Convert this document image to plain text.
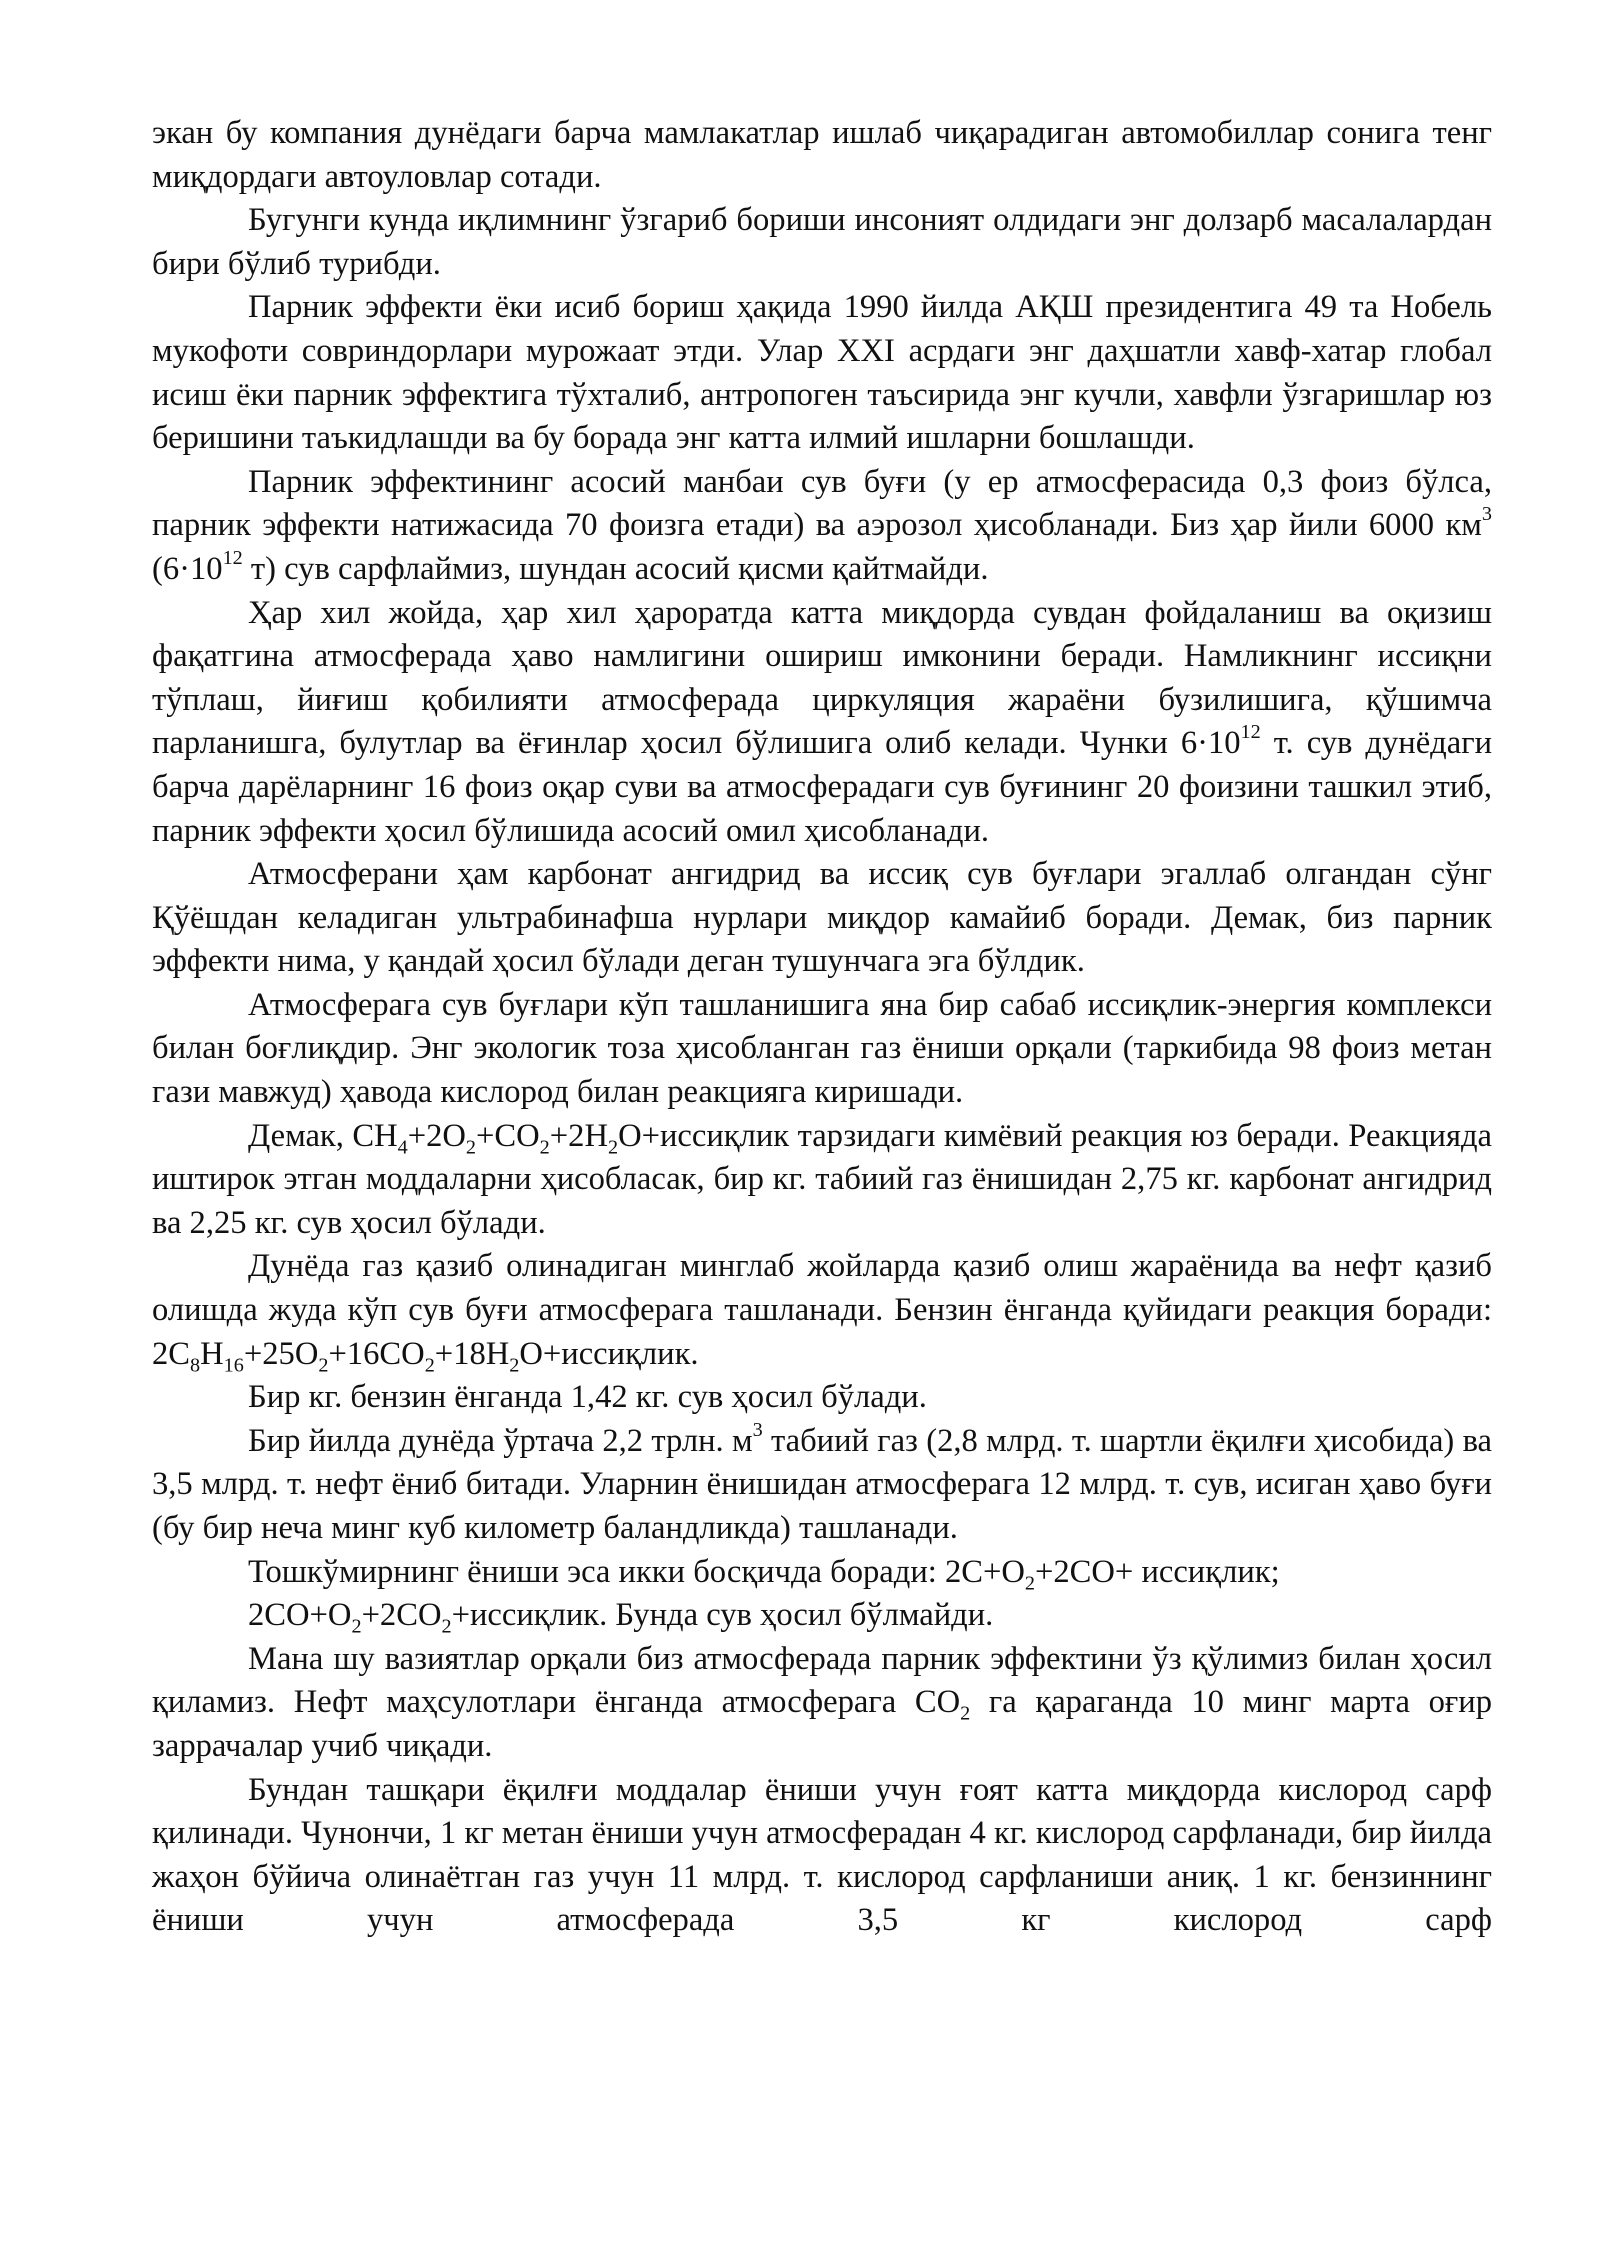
экан бу компания дунёдаги барча мамлакатлар ишлаб чиқарадиган автомобиллар сонига тенг миқдордаги автоуловлар сотади.

Бугунги кунда иқлимнинг ўзгариб бориши инсоният олдидаги энг долзарб масалалардан бири бўлиб турибди.

Парник эффекти ёки исиб бориш ҳақида 1990 йилда АҚШ президентига 49 та Нобель мукофоти совриндорлари мурожаат этди. Улар XXI асрдаги энг даҳшатли хавф-хатар глобал исиш ёки парник эффектига тўхталиб, антропоген таъсирида энг кучли, хавфли ўзгаришлар юз беришини таъкидлашди ва бу борада энг катта илмий ишларни бошлашди.

Парник эффектининг асосий манбаи сув буғи (у ер атмосферасида 0,3 фоиз бўлса, парник эффекти натижасида 70 фоизга етади) ва аэрозол ҳисобланади. Биз ҳар йили 6000 $км^3$ ($6\cdot 10^{12}$ т) сув сарфлаймиз, шундан асосий қисми қайтмайди.

Ҳар хил жойда, ҳар хил ҳароратда катта миқдорда сувдан фойдаланиш ва оқизиш фақатгина атмосферада ҳаво намлигини ошириш имконини беради. Намликнинг иссиқни тўплаш, йиғиш қобилияти атмосферада циркуляция жараёни бузилишига, қўшимча парланишга, булутлар ва ёғинлар ҳосил бўлишига олиб келади. Чунки $6\cdot 10^{12}$ т. сув дунёдаги барча дарёларнинг 16 фоиз оқар суви ва атмосферадаги сув буғининг 20 фоизини ташкил этиб, парник эффекти ҳосил бўлишида асосий омил ҳисобланади.

Атмосферани ҳам карбонат ангидрид ва иссиқ сув буғлари эгаллаб олгандан сўнг Қўёшдан келадиган ультрабинафша нурлари миқдор камайиб боради. Демак, биз парник эффекти нима, у қандай ҳосил бўлади деган тушунчага эга бўлдик.

Атмосферага сув буғлари кўп ташланишига яна бир сабаб иссиқлик-энергия комплекси билан боғлиқдир. Энг экологик тоза ҳисобланган газ ёниши орқали (таркибида 98 фоиз метан гази мавжуд) ҳавода кислород билан реакцияга киришади.

Демак, $СН_4+2O_2+CO_2+2H_2O+иссиқлик$ тарзидаги кимёвий реакция юз беради. Реакцияда иштирок этган моддаларни ҳисобласак, бир кг. табиий газ ёнишидан 2,75 кг. карбонат ангидрид ва 2,25 кг. сув ҳосил бўлади.

Дунёда газ қазиб олинадиган минглаб жойларда қазиб олиш жараёнида ва нефт қазиб олишда жуда кўп сув буғи атмосферага ташланади. Бензин ёнганда қуйидаги реакция боради: $2C_8H_{16}+25O_2+16CO_2+18H_2O+иссиқлик$.

Бир кг. бензин ёнганда 1,42 кг. сув ҳосил бўлади.

Бир йилда дунёда ўртача 2,2 трлн. $м^3$ табиий газ (2,8 млрд. т. шартли ёқилғи ҳисобида) ва 3,5 млрд. т. нефт ёниб битади. Уларнин ёнишидан атмосферага 12 млрд. т. сув, исиган ҳаво буғи (бу бир неча минг куб километр баландликда) ташланади.

Тошкўмирнинг ёниши эса икки босқичда боради: $2C+O_2+2CO+$ иссиқлик;

$2CO+O_2+2CO_2+иссиқлик$. Бунда сув ҳосил бўлмайди.

Мана шу вазиятлар орқали биз атмосферада парник эффектини ўз қўлимиз билан ҳосил қиламиз. Нефт маҳсулотлари ёнганда атмосферага $CO_2$ га қараганда 10 минг марта оғир заррачалар учиб чиқади.

Бундан ташқари ёқилғи моддалар ёниши учун ғоят катта миқдорда кислород сарф қилинади. Чунончи, 1 кг метан ёниши учун атмосферадан 4 кг. кислород сарфланади, бир йилда жаҳон бўйича олинаётган газ учун 11 млрд. т. кислород сарфланиши аниқ. 1 кг. бензиннинг ёниши учун атмосферада 3,5 кг кислород сарф
